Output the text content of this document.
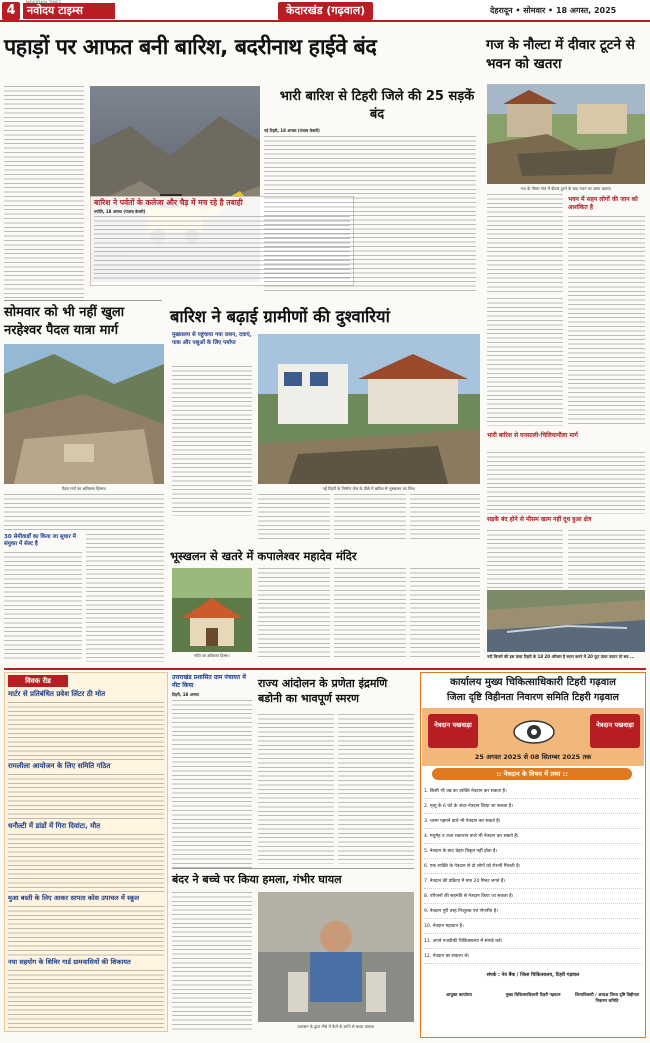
4	नवोदय टाइम्स	केदारखंड (गढ़वाल)	देहरादून • सोमवार • 18 अगस्त, 2025
पहाड़ों पर आफत बनी बारिश, बदरीनाथ हाईवे बंद
बारिश ने पर्वतों के कलेजा और चैड़ में मच रहे है तबाही
ज्योति, 18 अगस्त (पंजाब केसरी)
भारी बारिश से टिहरी जिले की 25 सड़कें बंद
नई टिहरी, 18 अगस्त (पंजाब केसरी)
गज के नौल्टा में दीवार टूटने से भवन को खतरा
गज के नौल्टा गांव में दीवार टूटने के बाद भवन पर आया खतरा।
भवन में सहन लोगों की जान को आशंकित है
सोमवार को भी नहीं खुला नरहेश्वर पैदल यात्रा मार्ग
पैदल मार्ग का क्षतिग्रस्त हिस्सा।
30 सेमीवार्डों का किया जा सुधार में संयुक्त में सेल्ट है
बारिश ने बढ़ाई ग्रामीणों की दुश्वारियां
मुख्यालय से पहुंचाया गया राशन, दवाएं, पाक और पशुओं के लिए पर्याप्त
नई टिहरी के निर्माण जेल के पीछे में बारिश से भूस्खलन का चित्र।
भारी बारिश से घनसाली-चिलियानौला मार्ग
सड़कें बंद होने से मौसम खत्म नहीं दूध हुआ क्षेत्र
भूस्खलन से खतरे में कपालेश्वर महादेव मंदिर
मंदिर का क्षतिग्रस्त हिस्सा।	नदी किनारे की इस ऊंचा टिहरी के 18 20 ऑगस्त है स्थान करने में 20 फुट ऊंचा उफान तो सत्र ...
विवक रीड
मार्टर से प्रतिबंधित प्रवेश लिंटर ठी मोत
रामलीला आयोजन के लिए समिति गठित
धनौल्टी में डांडों में गिरा दिवांटा, मौत
मुआ बस्ती के लिए आकर सापता कोस उपाचल में स्कूल
नया सहयोग के शिविर गार्ड ग्रामवासियों की शिकायत
उत्तराखंड प्रशासित ग्राम पंचायत में मीट किया
टिहरी, 18 अगस्त
राज्य आंदोलन के प्रणेता इंद्रमणि बडोनी का भावपूर्ण स्मरण
बंदर ने बच्चे पर किया हमला, गंभीर घायल
प्रशासन के द्वारा नीचे में फैले के शाति से बच्चा घायल।
कार्यालय मुख्य चिकित्साधिकारी टिहरी गढ़वाल
जिला दृष्टि विहीनता निवारण समिति टिहरी गढ़वाल
नेत्रदान पखवाड़ा	नेत्रदान पखवाड़ा
25 अगस्त 2025 से 08 सितम्बर 2025 तक
:: नेत्रदान के विषय में तथ्य ::
1. किसी भी उम्र का व्यक्ति नेत्रदान कर सकता है।
2. मृत्यु के 6 घंटे के अंदर नेत्रदान किया जा सकता है।
3. चश्मा पहनने वाले भी नेत्रदान कर सकते हैं।
4. मधुमेह व उच्च रक्तचाप वाले भी नेत्रदान कर सकते हैं।
5. नेत्रदान के बाद चेहरा विकृत नहीं होता है।
6. एक व्यक्ति के नेत्रदान से दो लोगों को रोशनी मिलती है।
7. नेत्रदान की प्रक्रिया में मात्र 20 मिनट लगते हैं।
8. परिजनों की सहमति से नेत्रदान किया जा सकता है।
9. नेत्रदान पूरी तरह निःशुल्क एवं गोपनीय है।
10. नेत्रदान महादान है।
11. अपने नजदीकी चिकित्सालय में संपर्क करें।
12. नेत्रदान का संकल्प लें।
संपर्क : नेत्र बैंक / जिला चिकित्सालय, टिहरी गढ़वाल
आयुक्त कार्यालय	मुख्य चिकित्साधिकारी टिहरी गढ़वाल	जिलाधिकारी / अध्यक्ष जिला दृष्टि विहीनता निवारण समिति
